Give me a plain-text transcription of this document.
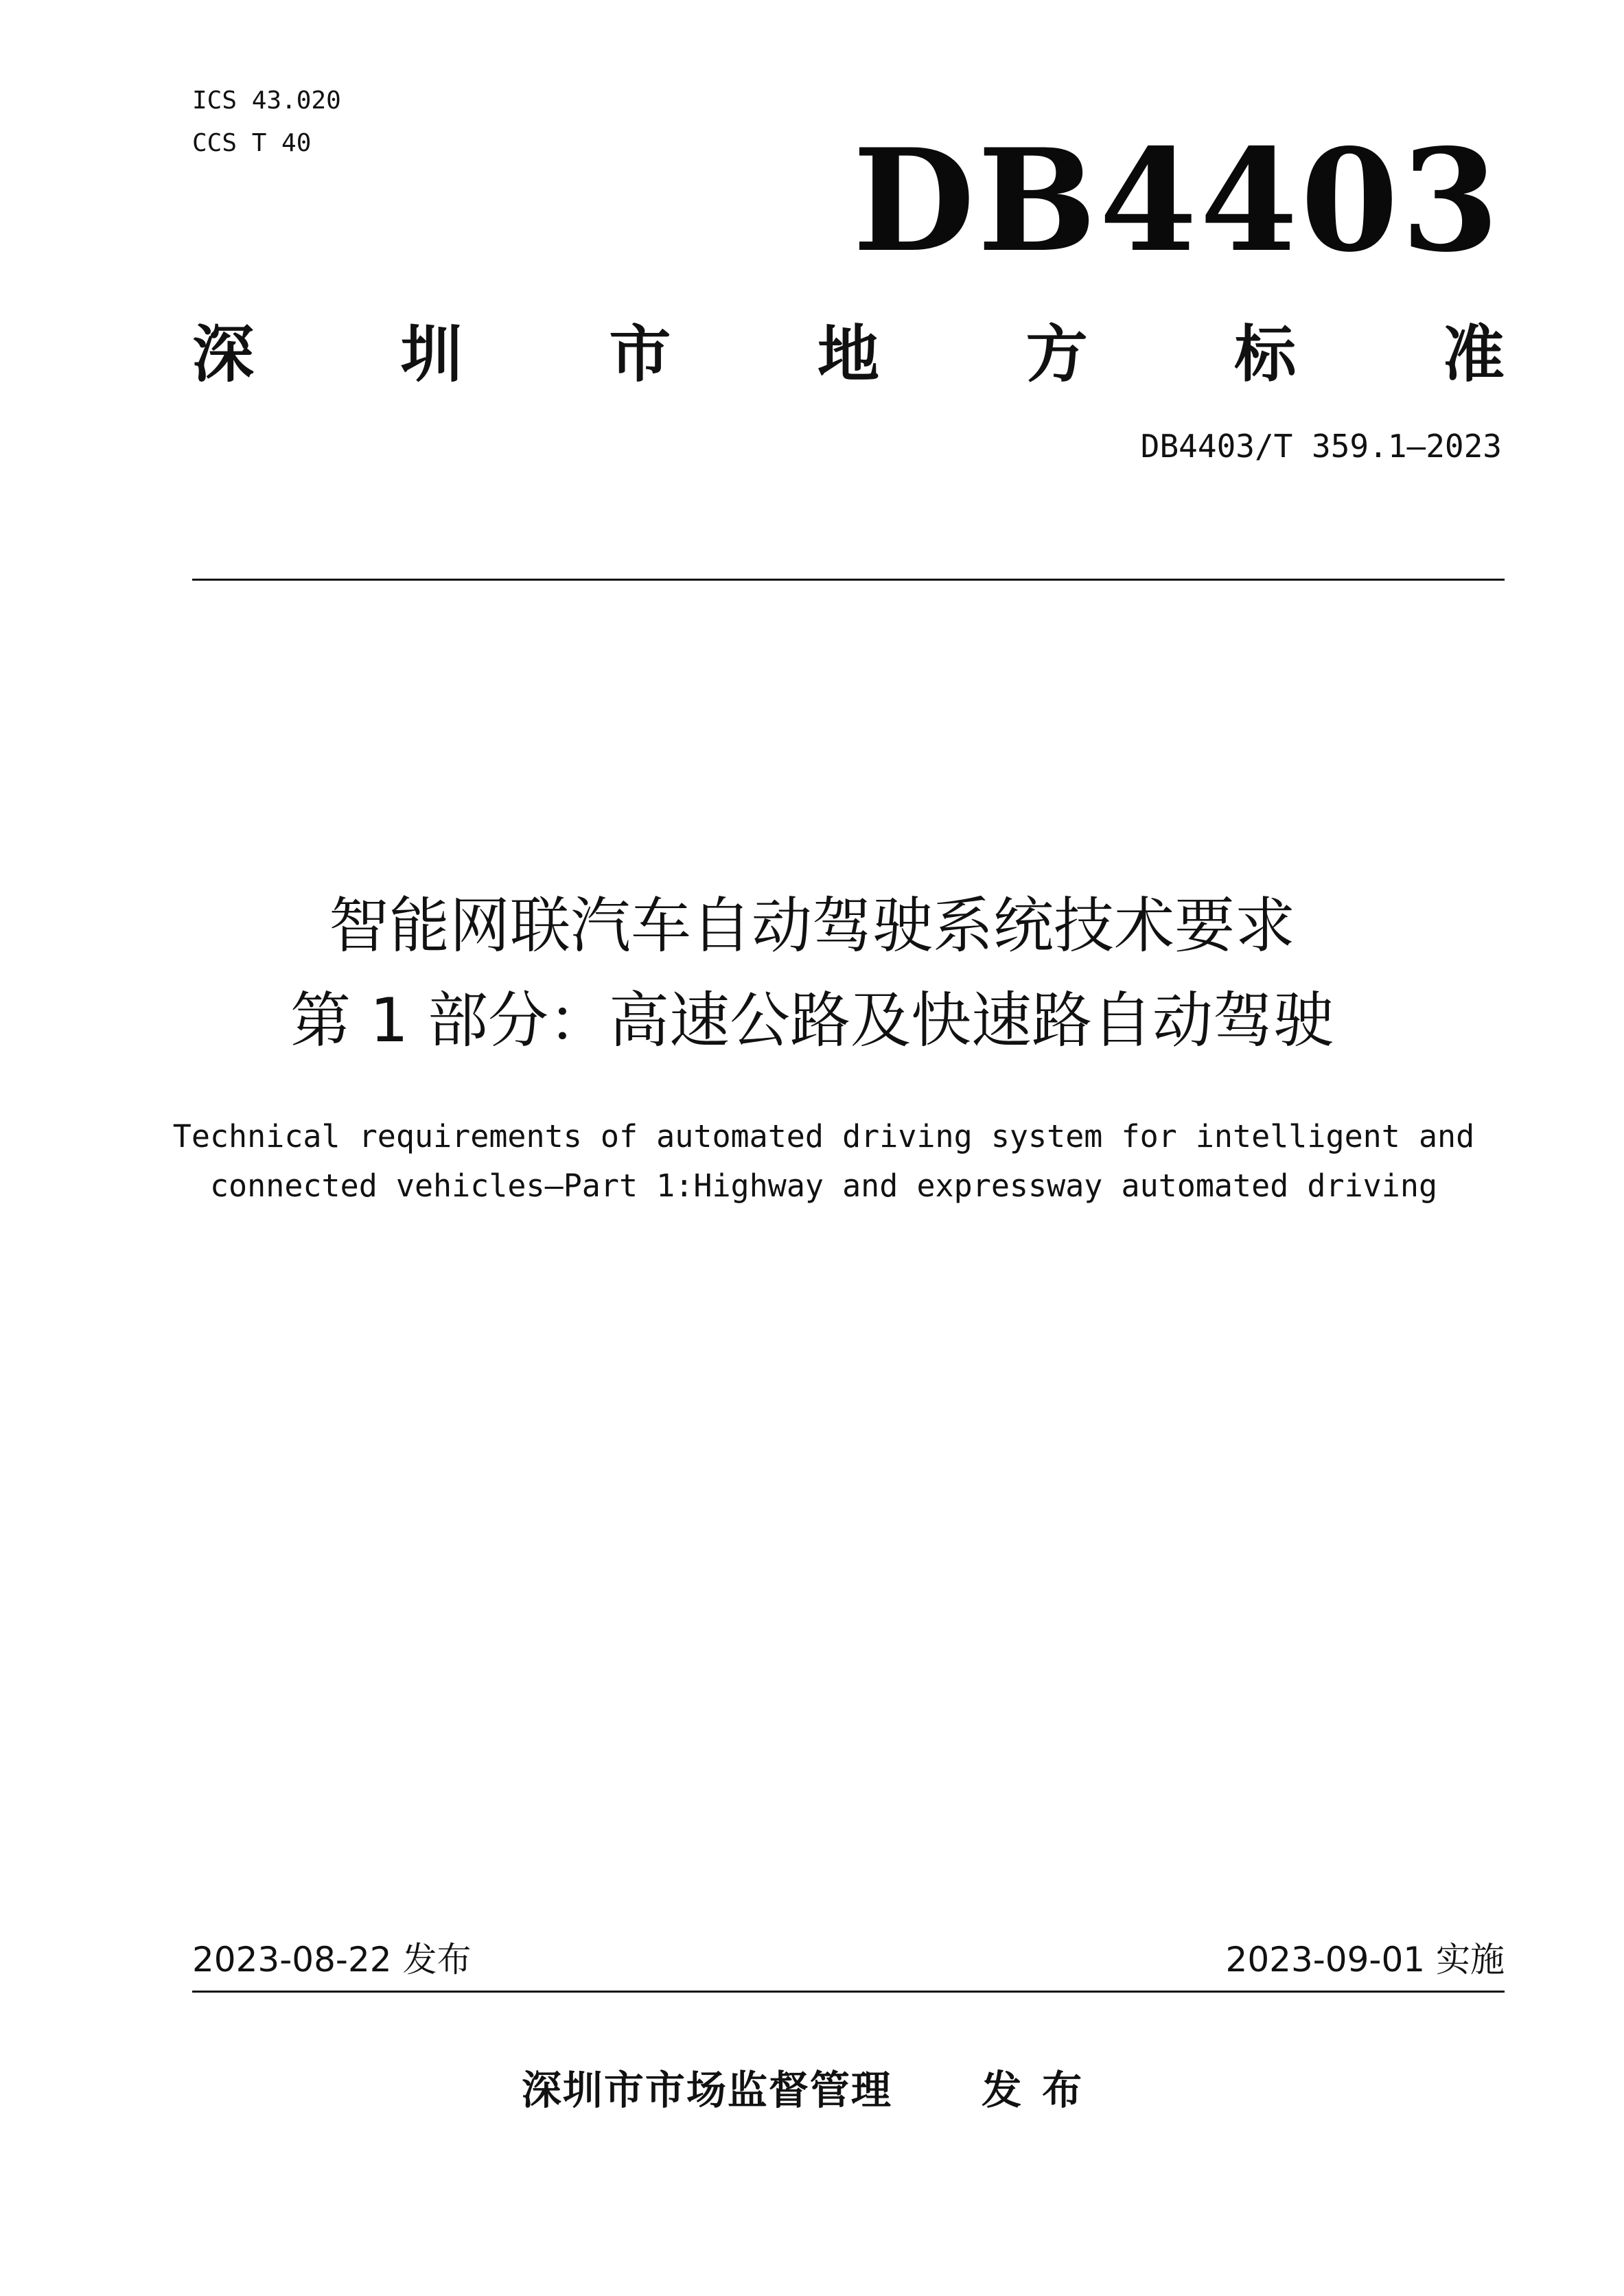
ICS 43.020
CCS T 40	DB4403
深 圳 市 地 方 标 准
DB4403/T 359.1—2023
智能网联汽车自动驾驶系统技术要求
第 1 部分：高速公路及快速路自动驾驶
Technical requirements of automated driving system for intelligent and
connected vehicles—Part 1:Highway and expressway automated driving
2023-08-22 发布	2023-09-01 实施
深圳市市场监督管理 发布
